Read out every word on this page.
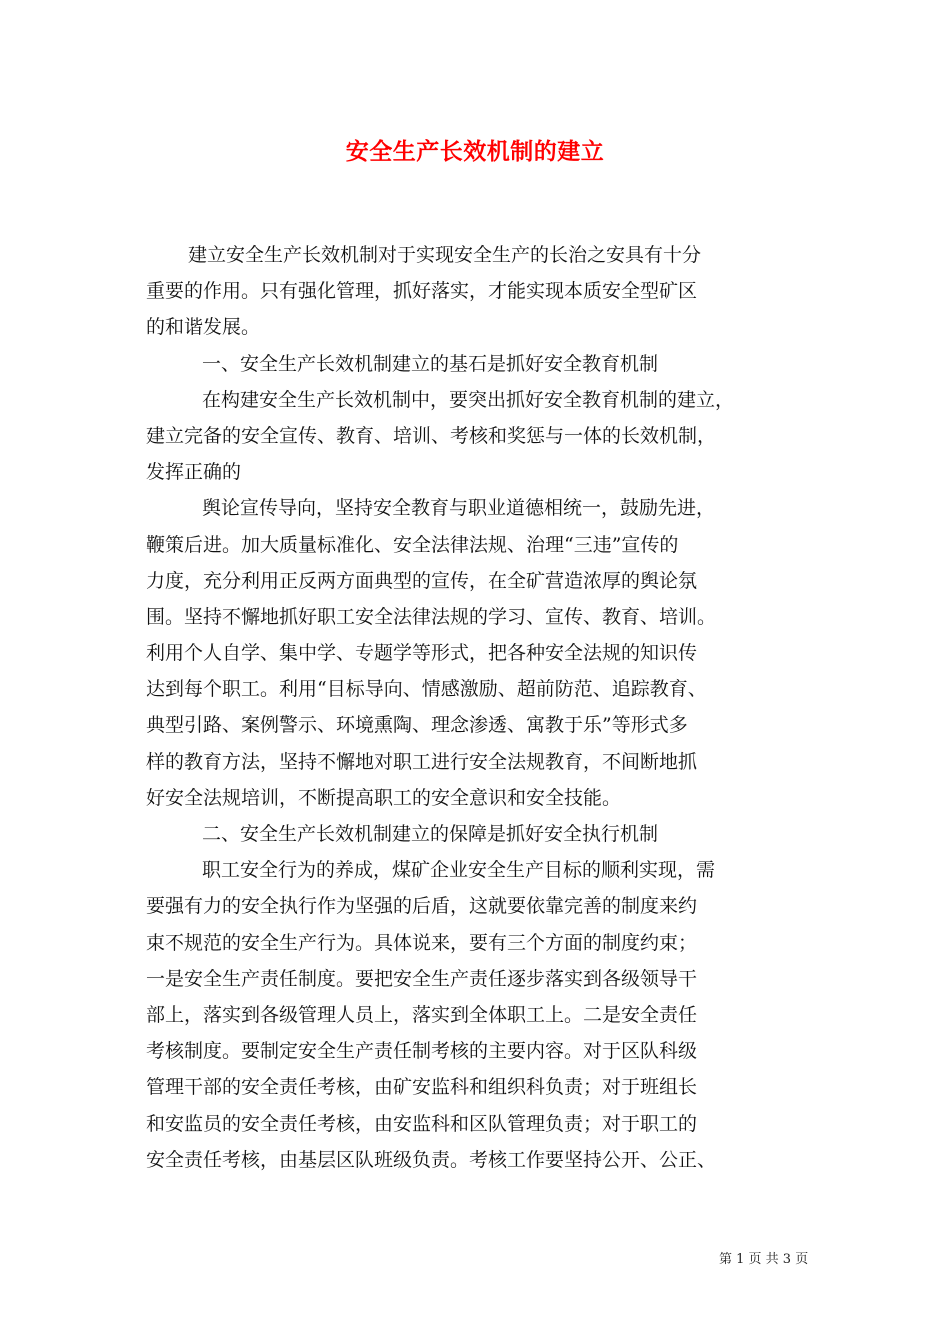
安全生产长效机制的建立
建立安全生产长效机制对于实现安全生产的长治之安具有十分
重要的作用。只有强化管理，抓好落实，才能实现本质安全型矿区
的和谐发展。
一、安全生产长效机制建立的基石是抓好安全教育机制
在构建安全生产长效机制中，要突出抓好安全教育机制的建立，
建立完备的安全宣传、教育、培训、考核和奖惩与一体的长效机制，
发挥正确的
舆论宣传导向，坚持安全教育与职业道德相统一，鼓励先进，
鞭策后进。加大质量标准化、安全法律法规、治理“三违”宣传的
力度，充分利用正反两方面典型的宣传，在全矿营造浓厚的舆论氛
围。坚持不懈地抓好职工安全法律法规的学习、宣传、教育、培训。
利用个人自学、集中学、专题学等形式，把各种安全法规的知识传
达到每个职工。利用“目标导向、情感激励、超前防范、追踪教育、
典型引路、案例警示、环境熏陶、理念渗透、寓教于乐”等形式多
样的教育方法，坚持不懈地对职工进行安全法规教育，不间断地抓
好安全法规培训，不断提高职工的安全意识和安全技能。
二、安全生产长效机制建立的保障是抓好安全执行机制
职工安全行为的养成，煤矿企业安全生产目标的顺利实现，需
要强有力的安全执行作为坚强的后盾，这就要依靠完善的制度来约
束不规范的安全生产行为。具体说来，要有三个方面的制度约束；
一是安全生产责任制度。要把安全生产责任逐步落实到各级领导干
部上，落实到各级管理人员上，落实到全体职工上。二是安全责任
考核制度。要制定安全生产责任制考核的主要内容。对于区队科级
管理干部的安全责任考核，由矿安监科和组织科负责；对于班组长
和安监员的安全责任考核，由安监科和区队管理负责；对于职工的
安全责任考核，由基层区队班级负责。考核工作要坚持公开、公正、
第 1 页 共 3 页
